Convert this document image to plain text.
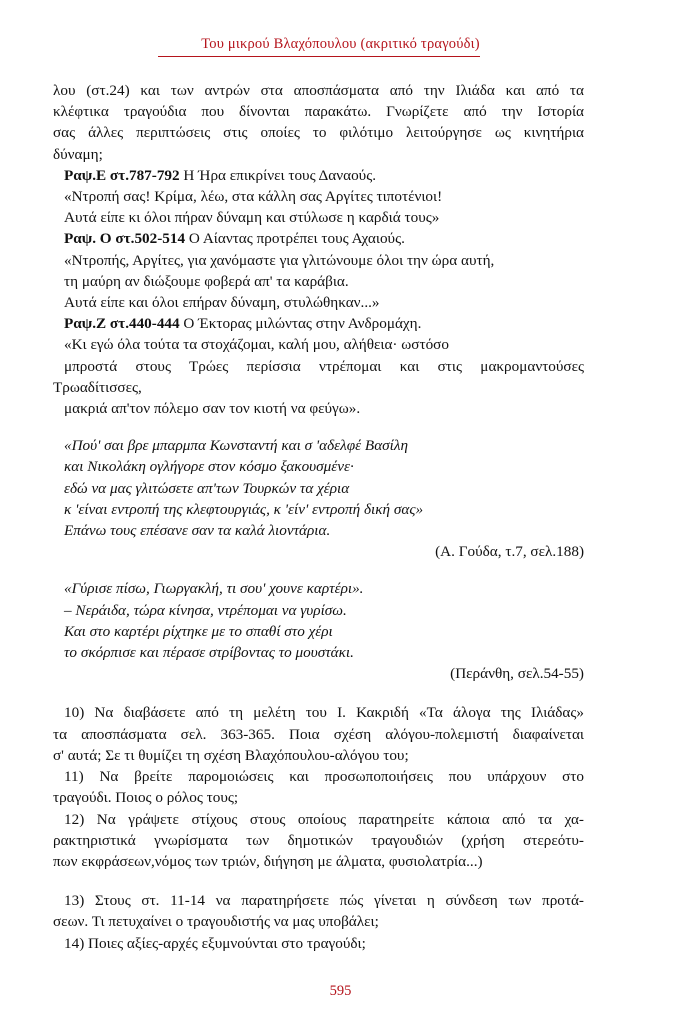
Του μικρού Βλαχόπουλου (ακριτικό τραγούδι)
λου (στ.24) και των αντρών στα αποσπάσματα από την Ιλιάδα και από τα
κλέφτικα τραγούδια που δίνονται παρακάτω. Γνωρίζετε από την Ιστορία
σας άλλες περιπτώσεις στις οποίες το φιλότιμο λειτούργησε ως κινητήρια
δύναμη;
Ραψ.Ε στ.787-792 Η Ήρα επικρίνει τους Δαναούς.
«Ντροπή σας! Κρίμα, λέω, στα κάλλη σας Αργίτες τιποτένιοι!
Αυτά είπε κι όλοι πήραν δύναμη και στύλωσε η καρδιά τους»
Ραψ. Ο στ.502-514 Ο Αίαντας προτρέπει τους Αχαιούς.
«Ντροπής, Αργίτες, για χανόμαστε για γλιτώνουμε όλοι την ώρα αυτή,
τη μαύρη αν διώξουμε φοβερά απ' τα καράβια.
Αυτά είπε και όλοι επήραν δύναμη, στυλώθηκαν...»
Ραψ.Ζ στ.440-444 Ο Έκτορας μιλώντας στην Ανδρομάχη.
«Κι εγώ όλα τούτα τα στοχάζομαι, καλή μου, αλήθεια· ωστόσο
μπροστά στους Τρώες περίσσια ντρέπομαι και στις μακρομαντούσες
Τρωαδίτισσες,
μακριά απ'τον πόλεμο σαν τον κιοτή να φεύγω».
«Πού' σαι βρε μπαρμπα Κωνσταντή και σ 'αδελφέ Βασίλη
και Νικολάκη ογλήγορε στον κόσμο ξακουσμένε·
εδώ να μας γλιτώσετε απ'των Τουρκών τα χέρια
κ 'είναι εντροπή της κλεφτουργιάς, κ 'είν' εντροπή δική σας»
Επάνω τους επέσανε σαν τα καλά λιοντάρια.
(Α. Γούδα, τ.7, σελ.188)
«Γύρισε πίσω, Γιωργακλή, τι σου' χουνε καρτέρι».
– Νεράιδα, τώρα κίνησα, ντρέπομαι να γυρίσω.
Και στο καρτέρι ρίχτηκε με το σπαθί στο χέρι
το σκόρπισε και πέρασε στρίβοντας το μουστάκι.
(Περάνθη, σελ.54-55)
10) Να διαβάσετε από τη μελέτη του Ι. Κακριδή «Τα άλογα της Ιλιάδας»
τα αποσπάσματα σελ. 363-365. Ποια σχέση αλόγου-πολεμιστή διαφαίνεται
σ' αυτά; Σε τι θυμίζει τη σχέση Βλαχόπουλου-αλόγου του;
11) Να βρείτε παρομοιώσεις και προσωποποιήσεις που υπάρχουν στο
τραγούδι. Ποιος ο ρόλος τους;
12) Να γράψετε στίχους στους οποίους παρατηρείτε κάποια από τα χα-
ρακτηριστικά γνωρίσματα των δημοτικών τραγουδιών (χρήση στερεότυ-
πων εκφράσεων,νόμος των τριών, διήγηση με άλματα, φυσιολατρία...)
13) Στους στ. 11-14 να παρατηρήσετε πώς γίνεται η σύνδεση των προτά-
σεων. Τι πετυχαίνει ο τραγουδιστής να μας υποβάλει;
14) Ποιες αξίες-αρχές εξυμνούνται στο τραγούδι;
595
